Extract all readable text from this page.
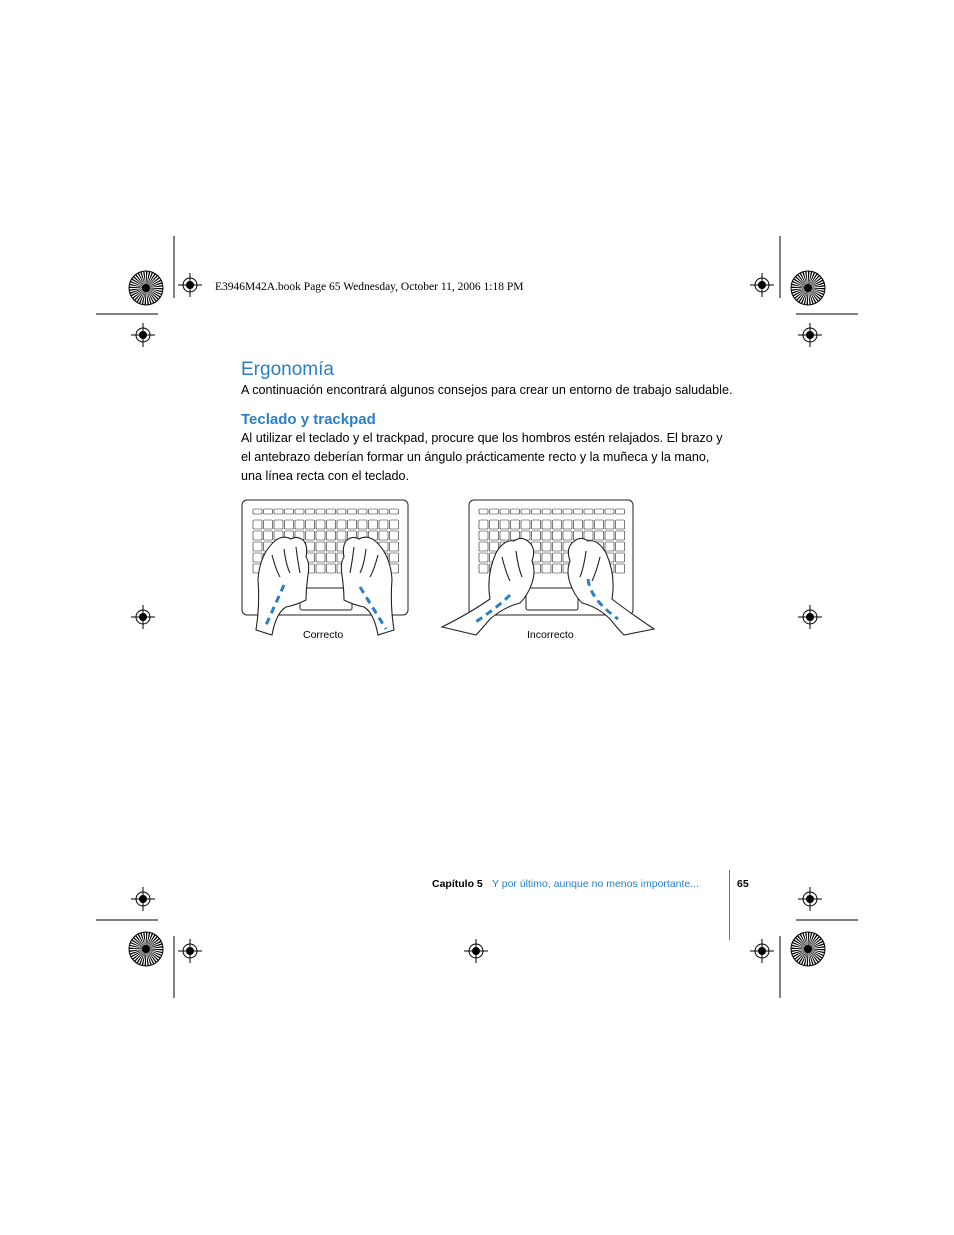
E3946M42A.book Page 65 Wednesday, October 11, 2006 1:18 PM
Ergonomía
A continuación encontrará algunos consejos para crear un entorno de trabajo saludable.
Teclado y trackpad
Al utilizar el teclado y el trackpad, procure que los hombros estén relajados. El brazo y
el antebrazo deberían formar un ángulo prácticamente recto y la muñeca y la mano,
una línea recta con el teclado.
Correcto	Incorrecto
Capítulo 5 Y por último, aunque no menos importante...	65
